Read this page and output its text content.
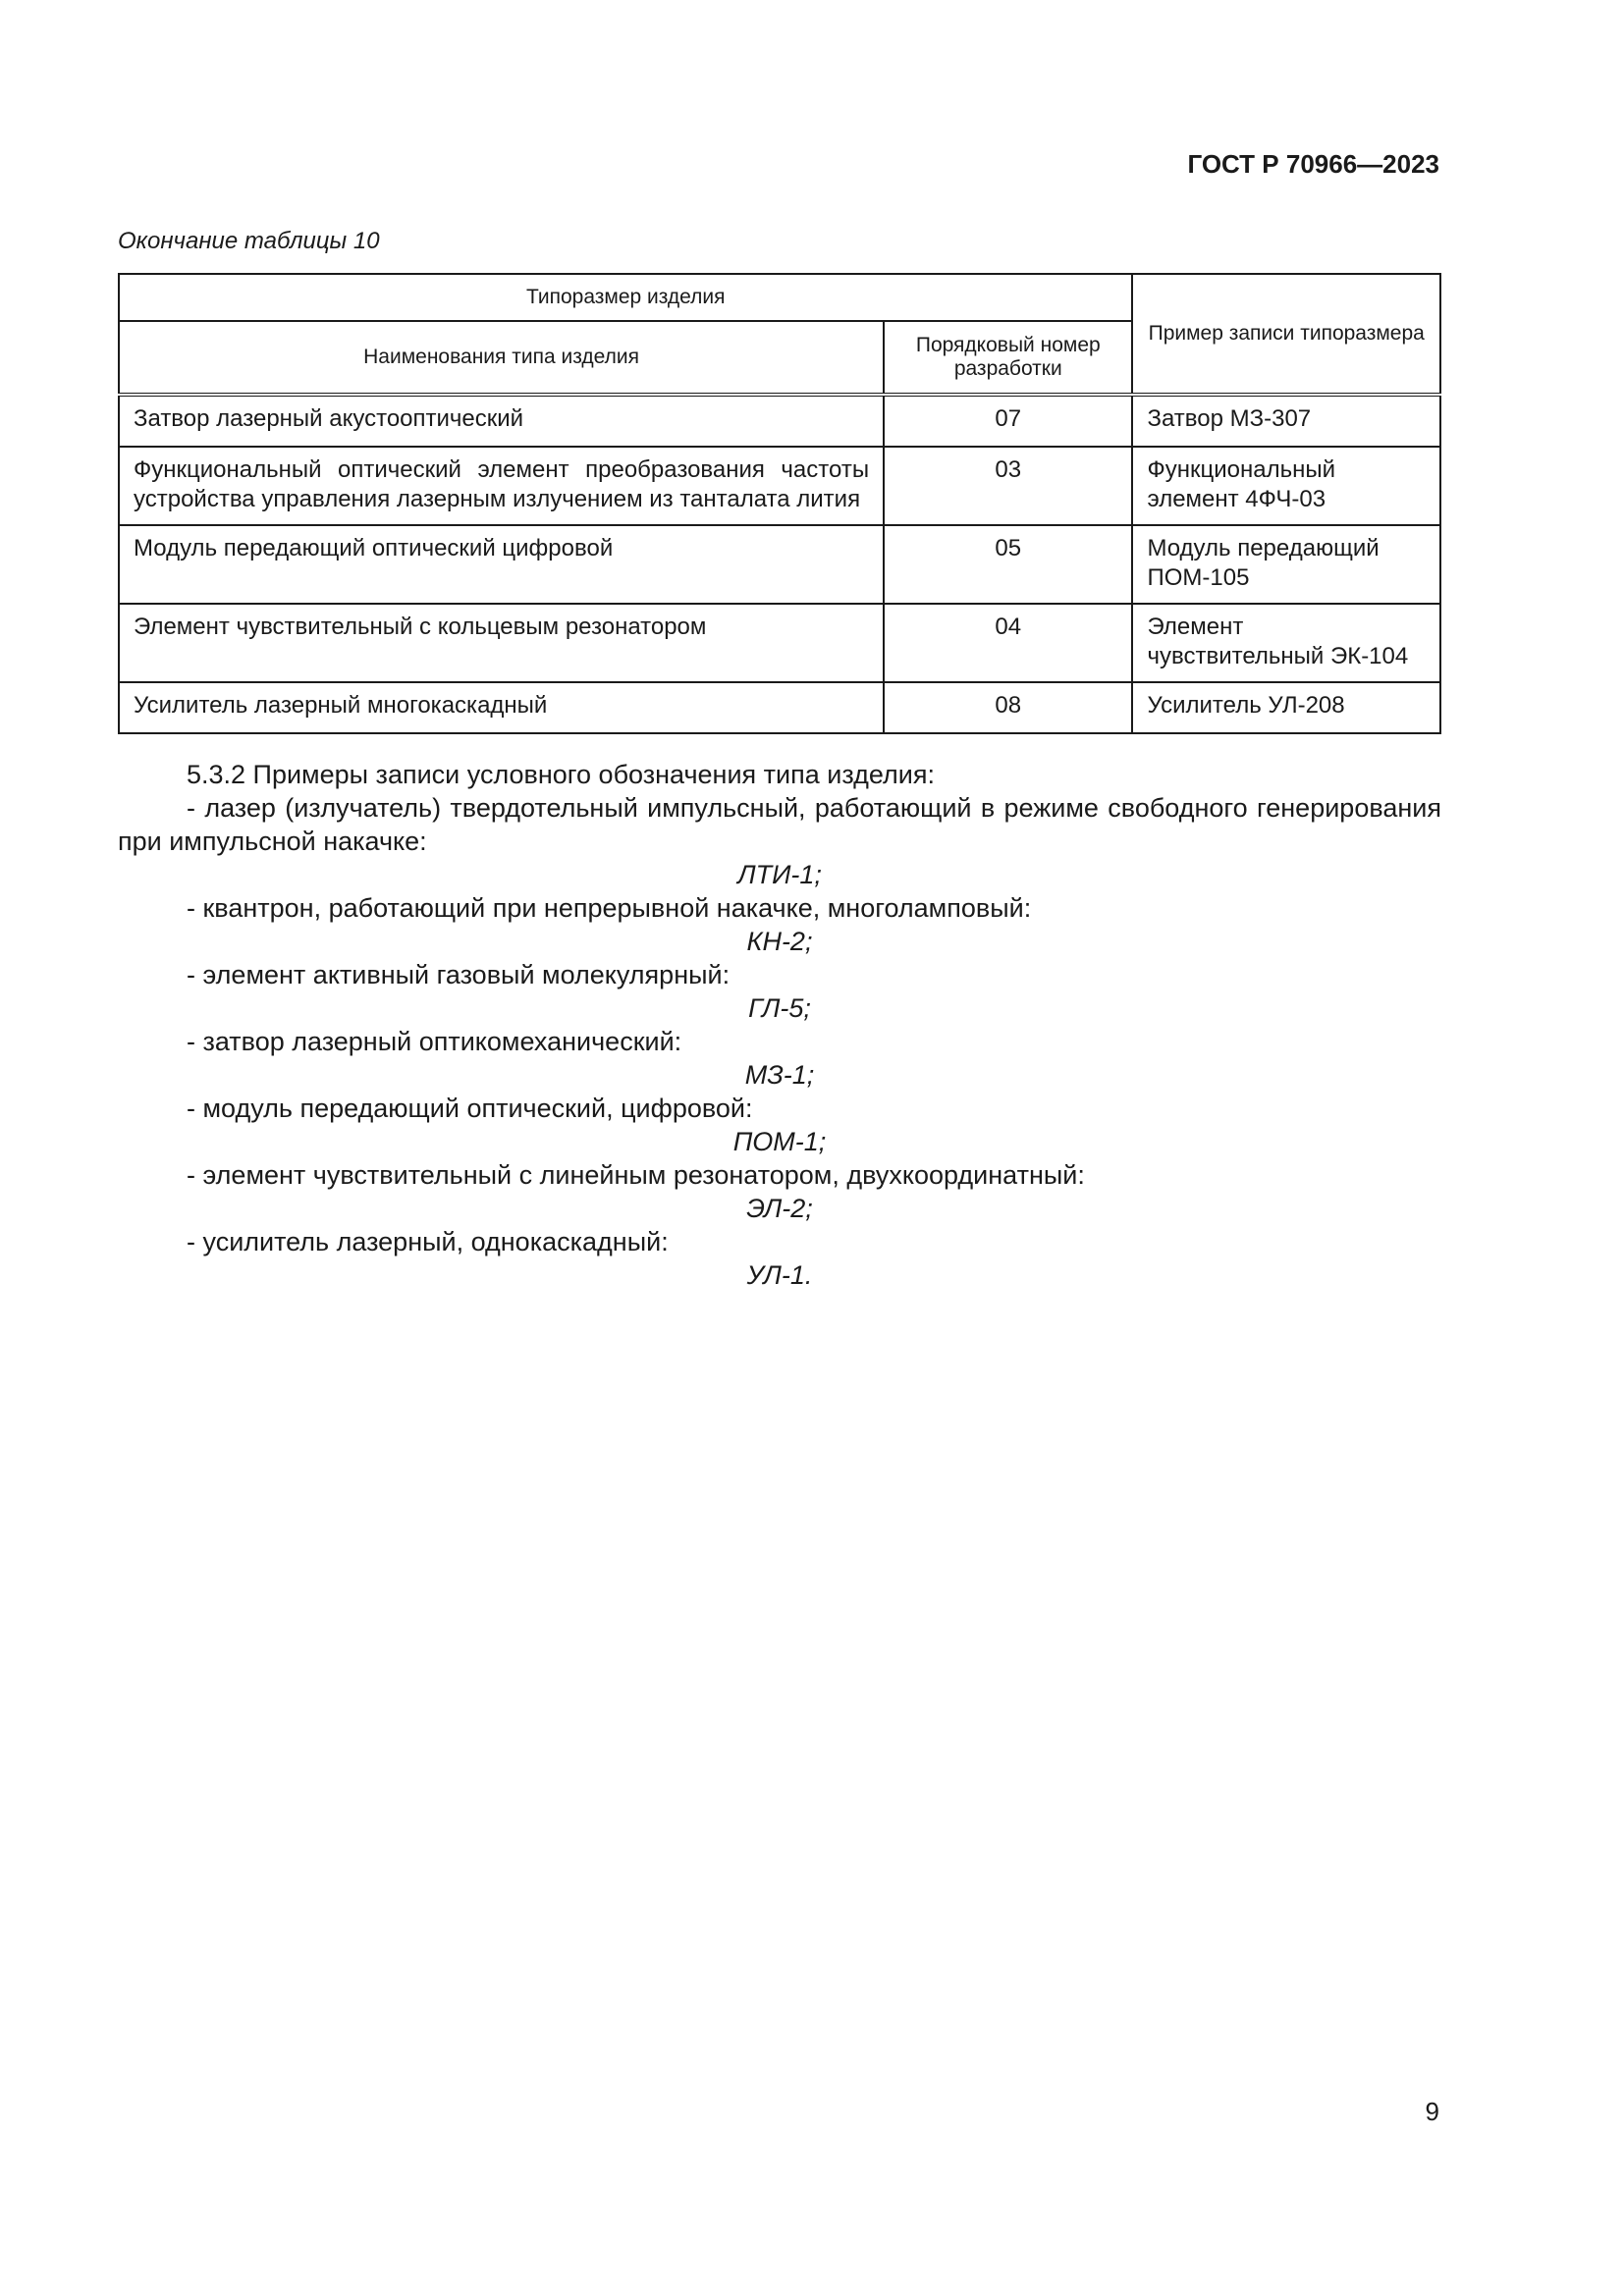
ГОСТ Р 70966—2023
Окончание таблицы 10
Типоразмер изделия		Пример записи типоразмера
Наименования типа изделия	Порядковый номер разработки	
Затвор лазерный акустооптический	07	Затвор МЗ-307
Функциональный оптический элемент преобразования частоты устройства управления лазерным излучением из танталата лития	03	Функциональный элемент 4ФЧ-03
Модуль передающий оптический цифровой	05	Модуль передающий ПОМ-105
Элемент чувствительный с кольцевым резонатором	04	Элемент чувствительный ЭК-104
Усилитель лазерный многокаскадный	08	Усилитель УЛ-208

5.3.2 Примеры записи условного обозначения типа изделия:

- лазер (излучатель) твердотельный импульсный, работающий в режиме свободного генерирования при импульсной накачке:

ЛТИ-1;

- квантрон, работающий при непрерывной накачке, многоламповый:

КН-2;

- элемент активный газовый молекулярный:

ГЛ-5;

- затвор лазерный оптикомеханический:

МЗ-1;

- модуль передающий оптический, цифровой:

ПОМ-1;

- элемент чувствительный с линейным резонатором, двухкоординатный:

ЭЛ-2;

- усилитель лазерный, однокаскадный:

УЛ-1.

9
